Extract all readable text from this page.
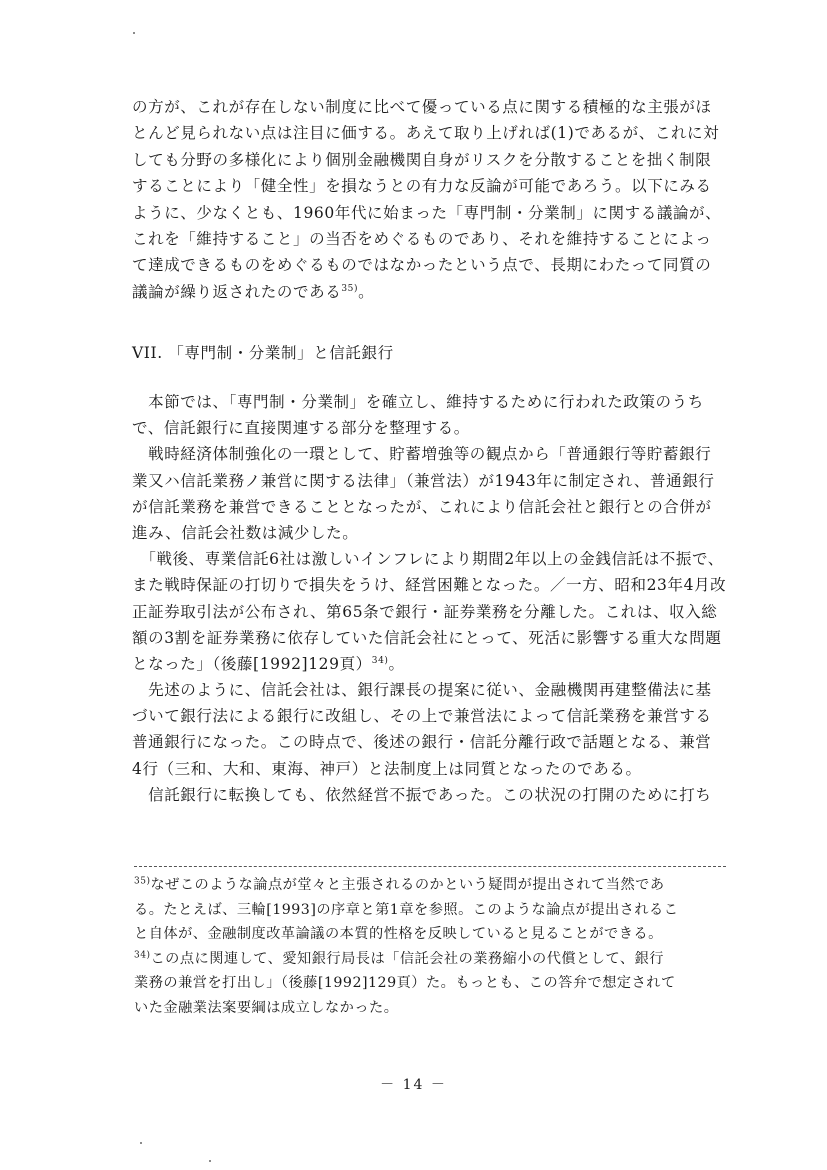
の方が、これが存在しない制度に比べて優っている点に関する積極的な主張がほ
とんど見られない点は注目に価する。あえて取り上げれば(1)であるが、これに対
しても分野の多様化により個別金融機関自身がリスクを分散することを拙く制限
することにより「健全性」を損なうとの有力な反論が可能であろう。以下にみる
ように、少なくとも、1960年代に始まった「専門制・分業制」に関する議論が、
これを「維持すること」の当否をめぐるものであり、それを維持することによっ
て達成できるものをめぐるものではなかったという点で、長期にわたって同質の
議論が繰り返されたのである$^{35)}$。
VII. 「専門制・分業制」と信託銀行
　本節では、「専門制・分業制」を確立し、維持するために行われた政策のうち
で、信託銀行に直接関連する部分を整理する。
　戦時経済体制強化の一環として、貯蓄増強等の観点から「普通銀行等貯蓄銀行
業又ハ信託業務ノ兼営に関する法律」（兼営法）が1943年に制定され、普通銀行
が信託業務を兼営できることとなったが、これにより信託会社と銀行との合併が
進み、信託会社数は減少した。
　「戦後、専業信託6社は激しいインフレにより期間2年以上の金銭信託は不振で、
また戦時保証の打切りで損失をうけ、経営困難となった。／一方、昭和23年4月改
正証券取引法が公布され、第65条で銀行・証券業務を分離した。これは、収入総
額の3割を証券業務に依存していた信託会社にとって、死活に影響する重大な問題
となった」（後藤[1992]129頁）$^{34)}$。
　先述のように、信託会社は、銀行課長の提案に従い、金融機関再建整備法に基
づいて銀行法による銀行に改組し、その上で兼営法によって信託業務を兼営する
普通銀行になった。この時点で、後述の銀行・信託分離行政で話題となる、兼営
4行（三和、大和、東海、神戸）と法制度上は同質となったのである。
　信託銀行に転換しても、依然経営不振であった。この状況の打開のために打ち
$^{35)}$なぜこのような論点が堂々と主張されるのかという疑問が提出されて当然であ
る。たとえば、三輪[1993]の序章と第1章を参照。このような論点が提出されるこ
と自体が、金融制度改革論議の本質的性格を反映していると見ることができる。
$^{34)}$この点に関連して、愛知銀行局長は「信託会社の業務縮小の代償として、銀行
業務の兼営を打出し」（後藤[1992]129頁）た。もっとも、この答弁で想定されて
いた金融業法案要綱は成立しなかった。
－ 14 －
